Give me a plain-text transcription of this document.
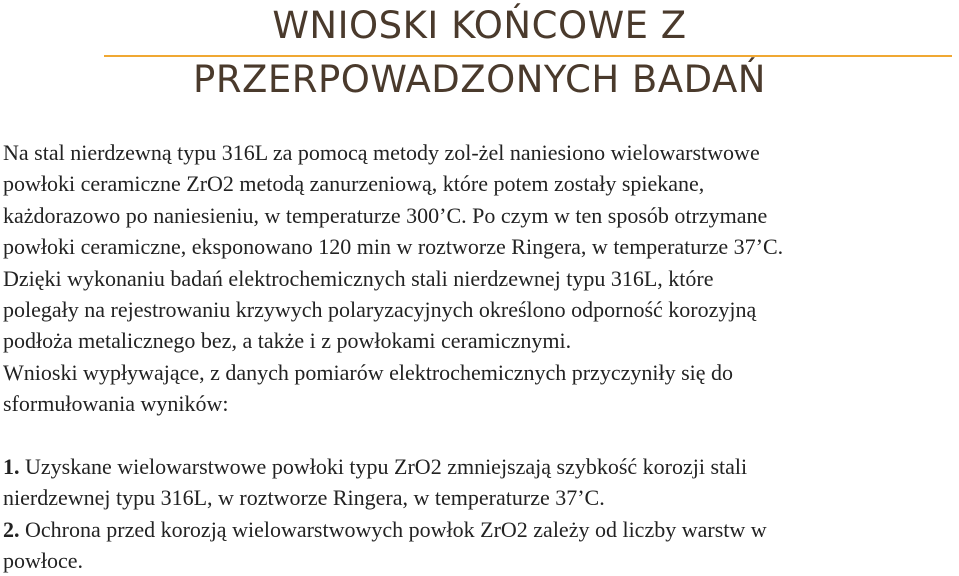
WNIOSKI KOŃCOWE Z
PRZERPOWADZONYCH BADAŃ
Na stal nierdzewną typu 316L za pomocą metody zol-żel naniesiono wielowarstwowe
powłoki ceramiczne ZrO2 metodą zanurzeniową, które potem zostały spiekane,
każdorazowo po naniesieniu, w temperaturze 300’C. Po czym w ten sposób otrzymane
powłoki ceramiczne, eksponowano 120 min w roztworze Ringera, w temperaturze 37’C.
Dzięki wykonaniu badań elektrochemicznych stali nierdzewnej typu 316L, które
polegały na rejestrowaniu krzywych polaryzacyjnych określono odporność korozyjną
podłoża metalicznego bez, a także i z powłokami ceramicznymi.
Wnioski wypływające, z danych pomiarów elektrochemicznych przyczyniły się do
sformułowania wyników:
1. Uzyskane wielowarstwowe powłoki typu ZrO2 zmniejszają szybkość korozji stali
nierdzewnej typu 316L, w roztworze Ringera, w temperaturze 37’C.
2. Ochrona przed korozją wielowarstwowych powłok ZrO2 zależy od liczby warstw w
powłoce.
